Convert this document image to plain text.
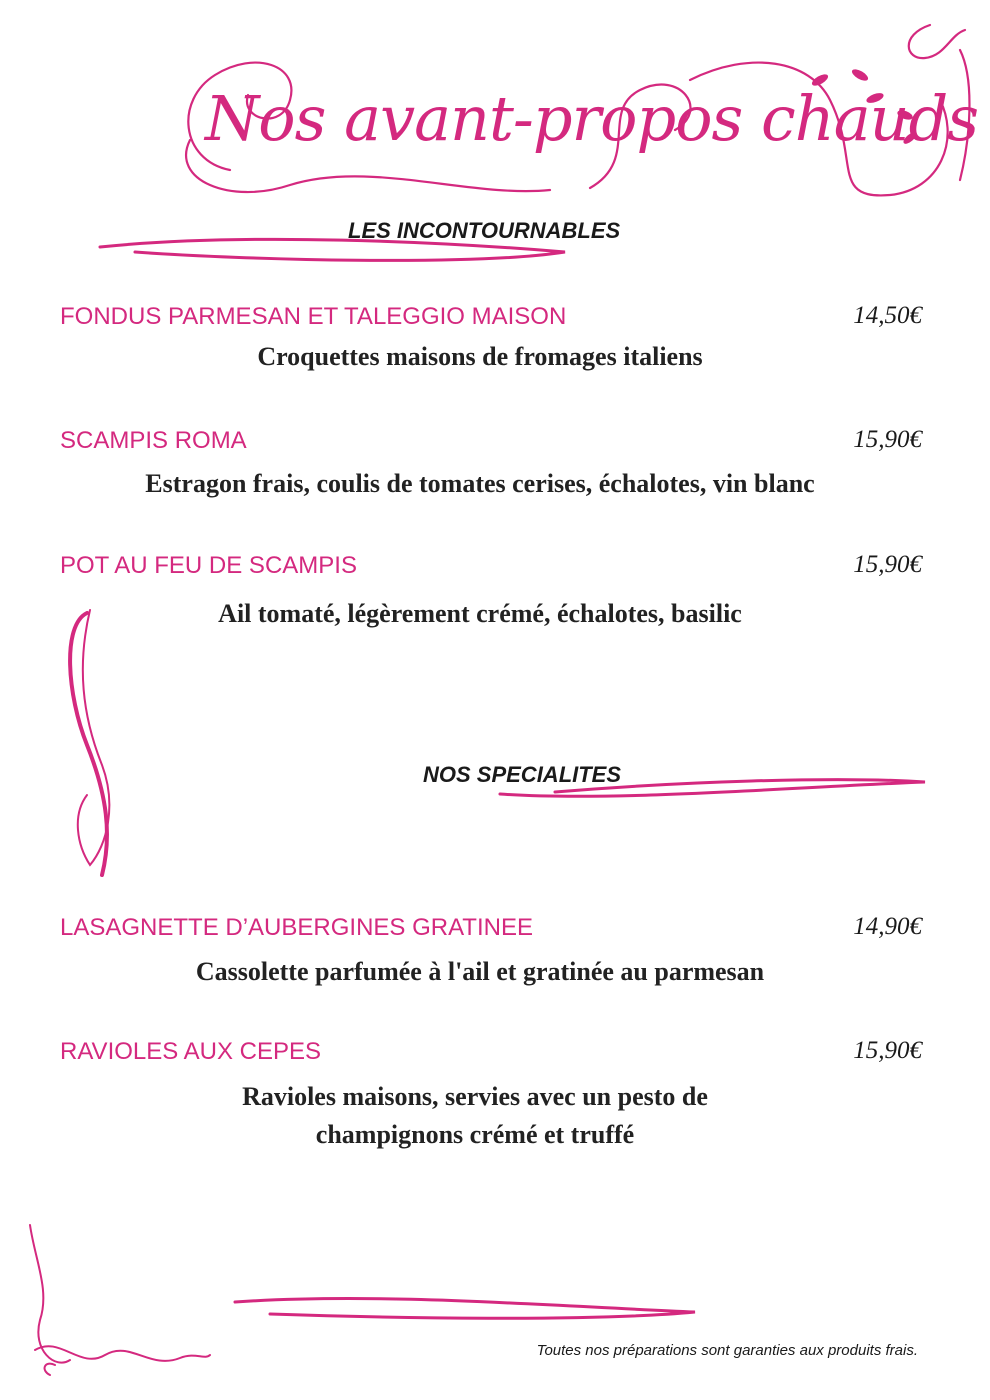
Nos avant-propos chauds
LES INCONTOURNABLES
FONDUS PARMESAN ET TALEGGIO MAISON	14,50€
Croquettes maisons de fromages italiens
SCAMPIS ROMA	15,90€
Estragon frais, coulis de tomates cerises, échalotes, vin blanc
POT AU FEU DE SCAMPIS	15,90€
Ail tomaté, légèrement crémé, échalotes, basilic
NOS SPECIALITES
LASAGNETTE D’AUBERGINES GRATINEE	14,90€
Cassolette parfumée à l'ail et gratinée au parmesan
RAVIOLES AUX CEPES	15,90€
Ravioles maisons, servies avec un pesto de champignons crémé et truffé
Toutes nos préparations sont garanties aux produits frais.
